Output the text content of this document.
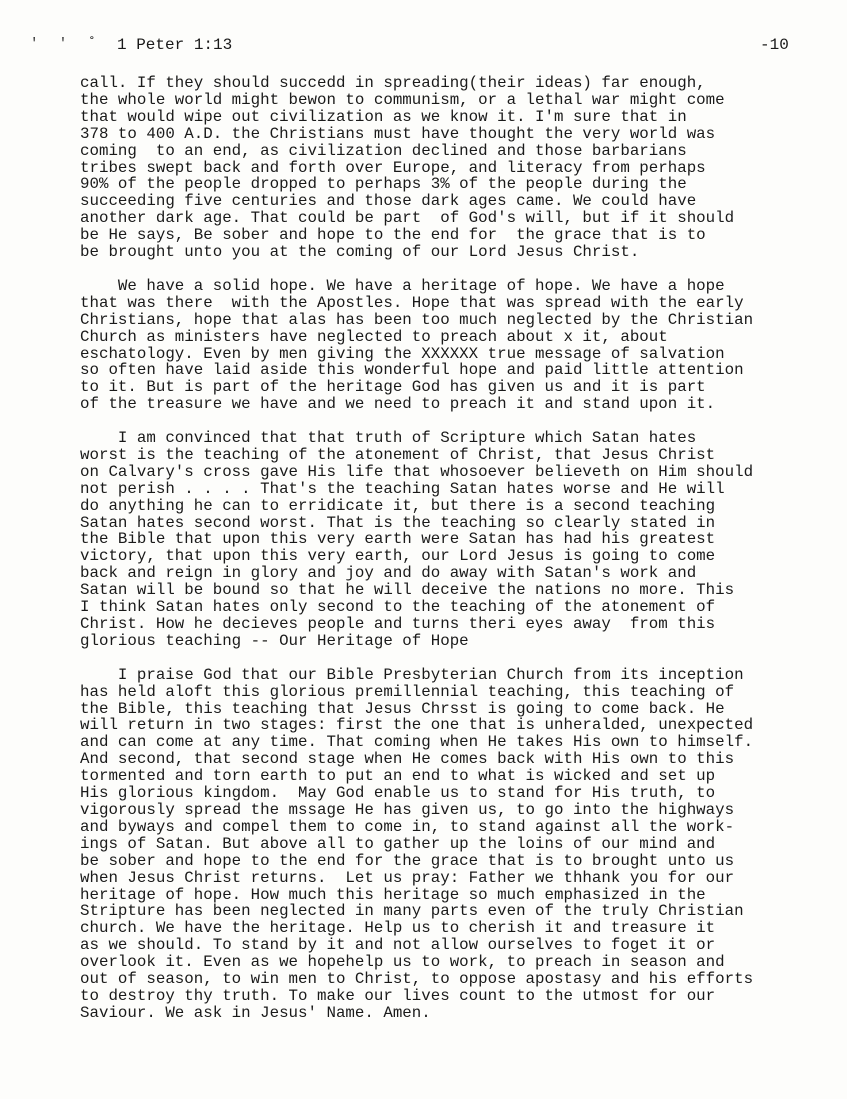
' ' ˚ 1 Peter 1:13	-10
call. If they should succedd in spreading(their ideas) far enough,
the whole world might bewon to communism, or a lethal war might come
that would wipe out civilization as we know it. I'm sure that in
378 to 400 A.D. the Christians must have thought the very world was
coming  to an end, as civilization declined and those barbarians
tribes swept back and forth over Europe, and literacy from perhaps
90% of the people dropped to perhaps 3% of the people during the
succeeding five centuries and those dark ages came. We could have
another dark age. That could be part  of God's will, but if it should
be He says, Be sober and hope to the end for  the grace that is to
be brought unto you at the coming of our Lord Jesus Christ.
We have a solid hope. We have a heritage of hope. We have a hope
that was there  with the Apostles. Hope that was spread with the early
Christians, hope that alas has been too much neglected by the Christian
Church as ministers have neglected to preach about x it, about
eschatology. Even by men giving the XXXXXX true message of salvation
so often have laid aside this wonderful hope and paid little attention
to it. But is part of the heritage God has given us and it is part
of the treasure we have and we need to preach it and stand upon it.
I am convinced that that truth of Scripture which Satan hates
worst is the teaching of the atonement of Christ, that Jesus Christ
on Calvary's cross gave His life that whosoever believeth on Him should
not perish . . . . That's the teaching Satan hates worse and He will
do anything he can to erridicate it, but there is a second teaching
Satan hates second worst. That is the teaching so clearly stated in
the Bible that upon this very earth were Satan has had his greatest
victory, that upon this very earth, our Lord Jesus is going to come
back and reign in glory and joy and do away with Satan's work and
Satan will be bound so that he will deceive the nations no more. This
I think Satan hates only second to the teaching of the atonement of
Christ. How he decieves people and turns theri eyes away  from this
glorious teaching -- Our Heritage of Hope
I praise God that our Bible Presbyterian Church from its inception
has held aloft this glorious premillennial teaching, this teaching of
the Bible, this teaching that Jesus Chrsst is going to come back. He
will return in two stages: first the one that is unheralded, unexpected
and can come at any time. That coming when He takes His own to himself.
And second, that second stage when He comes back with His own to this
tormented and torn earth to put an end to what is wicked and set up
His glorious kingdom.  May God enable us to stand for His truth, to
vigorously spread the mssage He has given us, to go into the highways
and byways and compel them to come in, to stand against all the work-
ings of Satan. But above all to gather up the loins of our mind and
be sober and hope to the end for the grace that is to brought unto us
when Jesus Christ returns.  Let us pray: Father we thhank you for our
heritage of hope. How much this heritage so much emphasized in the
Stripture has been neglected in many parts even of the truly Christian
church. We have the heritage. Help us to cherish it and treasure it
as we should. To stand by it and not allow ourselves to foget it or
overlook it. Even as we hopehelp us to work, to preach in season and
out of season, to win men to Christ, to oppose apostasy and his efforts
to destroy thy truth. To make our lives count to the utmost for our
Saviour. We ask in Jesus' Name. Amen.
